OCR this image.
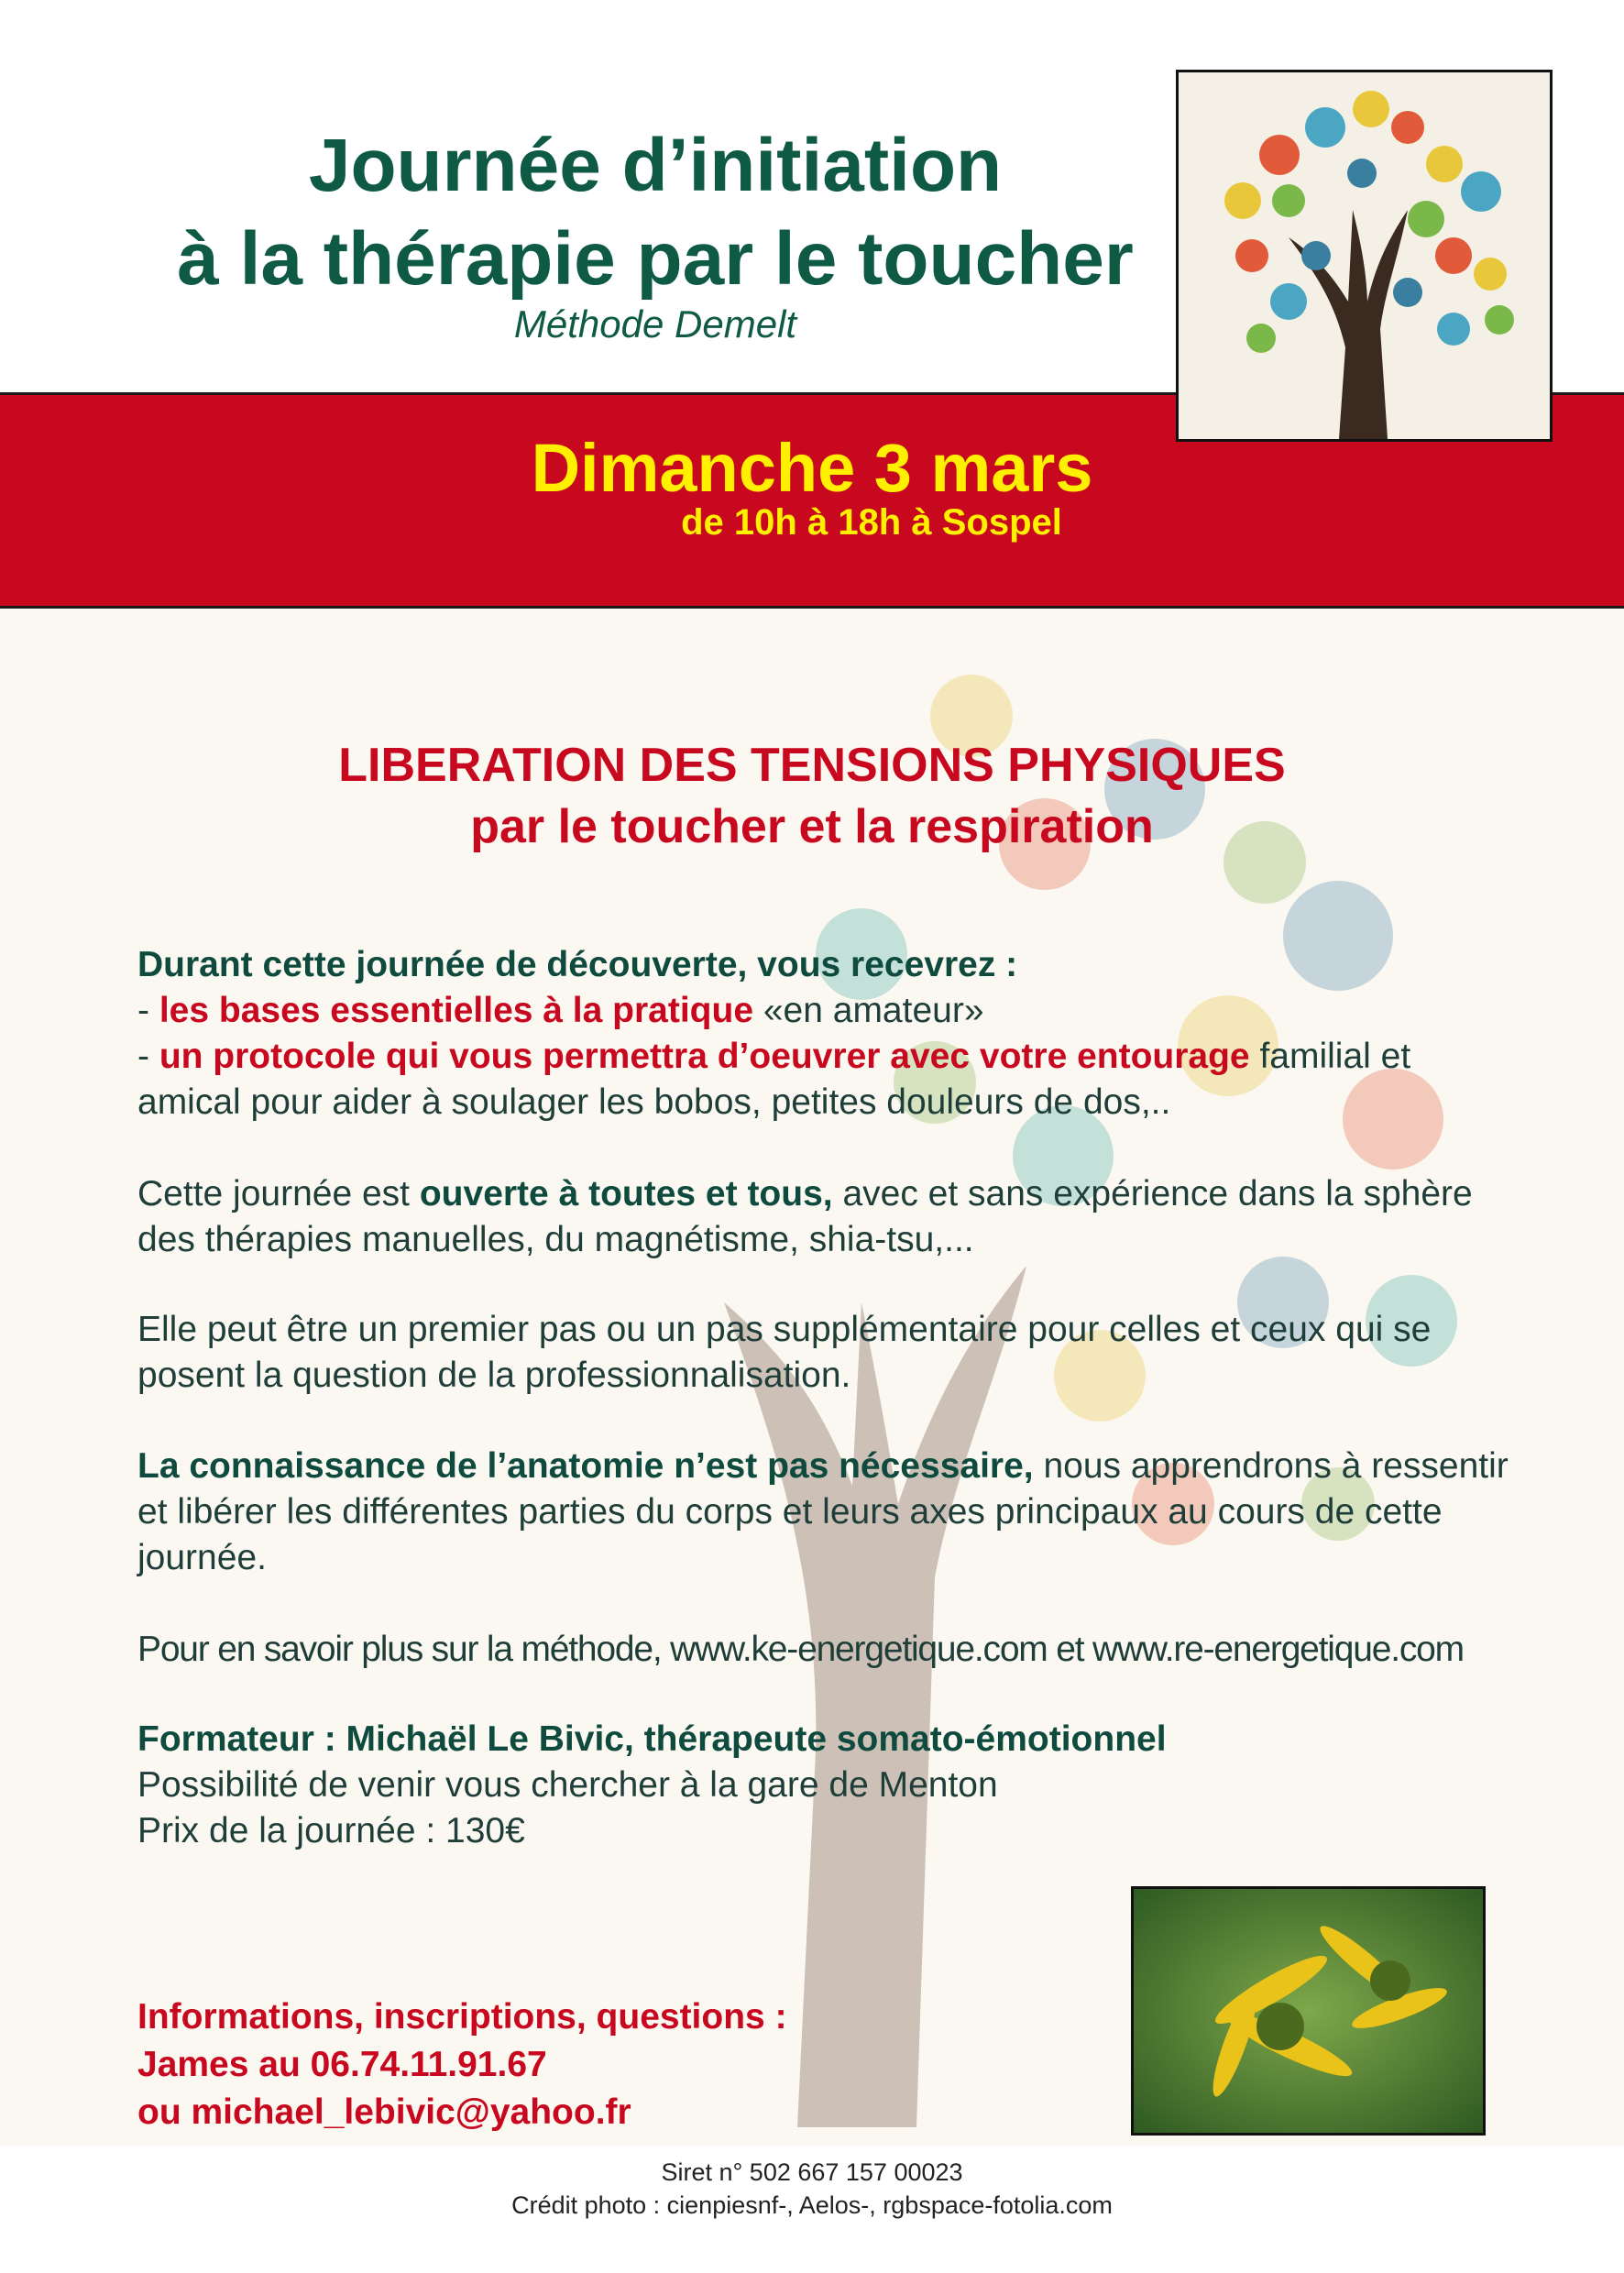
Journée d’initiation
à la thérapie par le toucher
Méthode Demelt
Dimanche 3 mars
de 10h à 18h à Sospel
LIBERATION DES TENSIONS PHYSIQUES
par le toucher et la respiration
Durant cette journée de découverte, vous recevrez :
- les bases essentielles à la pratique «en amateur»
- un protocole qui vous permettra d’oeuvrer avec votre entourage familial et amical pour aider à soulager les bobos, petites douleurs de dos,..
Cette journée est ouverte à toutes et tous, avec et sans expérience dans la sphère des thérapies manuelles, du magnétisme, shia-tsu,...
Elle peut être un premier pas ou un pas supplémentaire pour celles et ceux qui se posent la question de la professionnalisation.
La connaissance de l’anatomie n’est pas nécessaire, nous apprendrons à ressentir et libérer les différentes parties du corps et leurs axes principaux au cours de cette journée.
Pour en savoir plus sur la méthode, www.ke-energetique.com et www.re-energetique.com
Formateur : Michaël Le Bivic, thérapeute somato-émotionnel
Possibilité de venir vous chercher à la gare de Menton
Prix de la journée : 130€
Informations, inscriptions, questions :
James au 06.74.11.91.67
ou michael_lebivic@yahoo.fr
Siret n° 502 667 157 00023
Crédit photo : cienpiesnf-, Aelos-, rgbspace-fotolia.com
